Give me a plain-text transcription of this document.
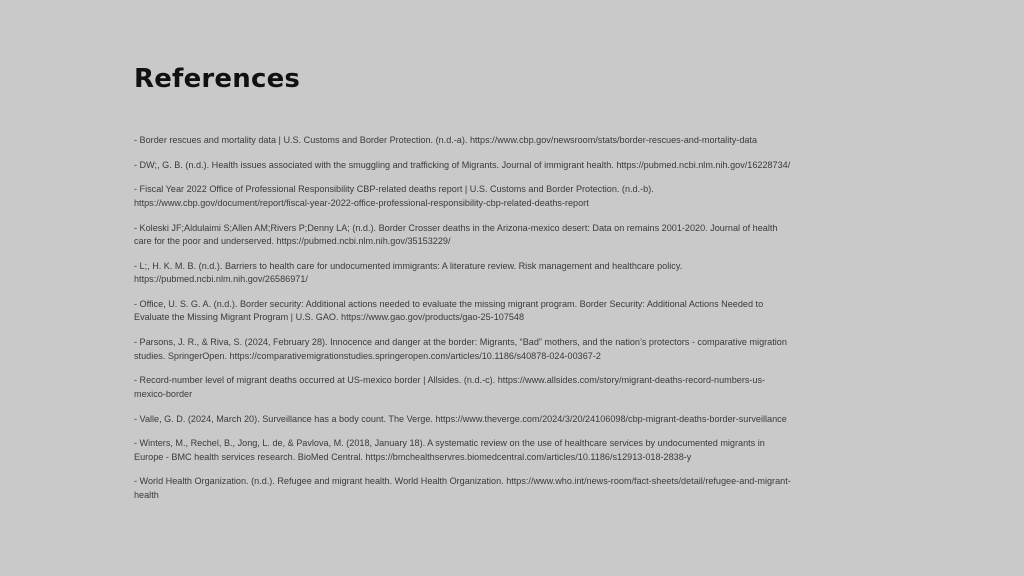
References
- Border rescues and mortality data | U.S. Customs and Border Protection. (n.d.-a). https://www.cbp.gov/newsroom/stats/border-rescues-and-mortality-data
- DW;, G. B. (n.d.). Health issues associated with the smuggling and trafficking of Migrants. Journal of immigrant health. https://pubmed.ncbi.nlm.nih.gov/16228734/
- Fiscal Year 2022 Office of Professional Responsibility CBP-related deaths report | U.S. Customs and Border Protection. (n.d.-b). https://www.cbp.gov/document/report/fiscal-year-2022-office-professional-responsibility-cbp-related-deaths-report
- Koleski JF;Aldulaimi S;Allen AM;Rivers P;Denny LA; (n.d.). Border Crosser deaths in the Arizona-mexico desert: Data on remains 2001-2020. Journal of health care for the poor and underserved. https://pubmed.ncbi.nlm.nih.gov/35153229/
- L;, H. K. M. B. (n.d.). Barriers to health care for undocumented immigrants: A literature review. Risk management and healthcare policy. https://pubmed.ncbi.nlm.nih.gov/26586971/
- Office, U. S. G. A. (n.d.). Border security: Additional actions needed to evaluate the missing migrant program. Border Security: Additional Actions Needed to Evaluate the Missing Migrant Program | U.S. GAO. https://www.gao.gov/products/gao-25-107548
- Parsons, J. R., & Riva, S. (2024, February 28). Innocence and danger at the border: Migrants, “Bad” mothers, and the nation’s protectors - comparative migration studies. SpringerOpen. https://comparativemigrationstudies.springeropen.com/articles/10.1186/s40878-024-00367-2
- Record-number level of migrant deaths occurred at US-mexico border | Allsides. (n.d.-c). https://www.allsides.com/story/migrant-deaths-record-numbers-us-mexico-border
- Valle, G. D. (2024, March 20). Surveillance has a body count. The Verge. https://www.theverge.com/2024/3/20/24106098/cbp-migrant-deaths-border-surveillance
- Winters, M., Rechel, B., Jong, L. de, & Pavlova, M. (2018, January 18). A systematic review on the use of healthcare services by undocumented migrants in Europe - BMC health services research. BioMed Central. https://bmchealthservres.biomedcentral.com/articles/10.1186/s12913-018-2838-y
- World Health Organization. (n.d.). Refugee and migrant health. World Health Organization. https://www.who.int/news-room/fact-sheets/detail/refugee-and-migrant-health
